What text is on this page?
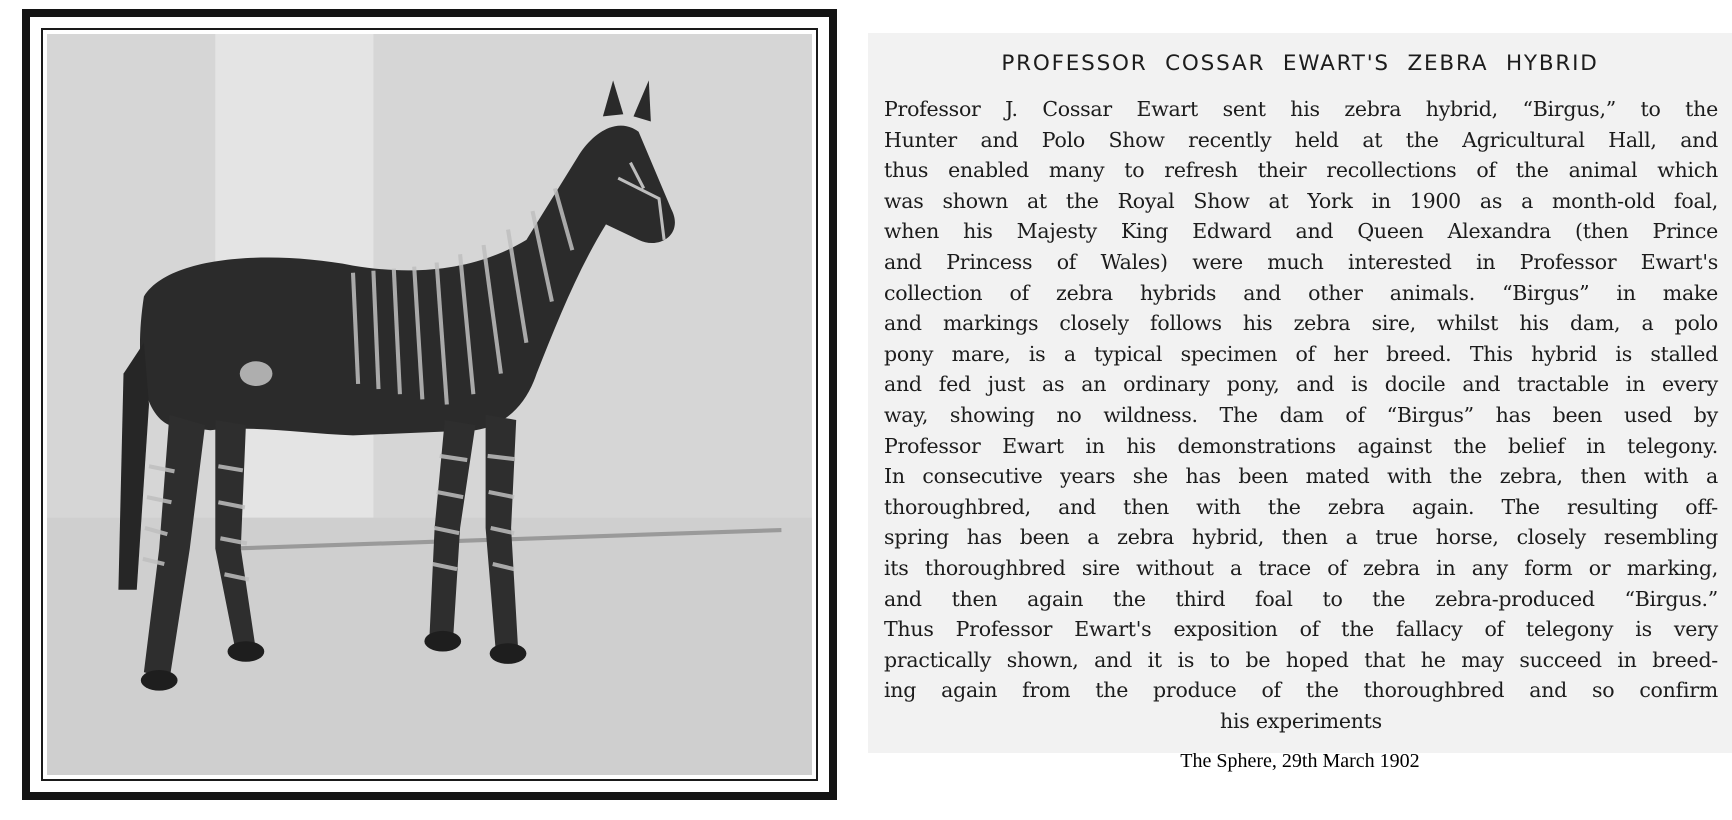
PROFESSOR COSSAR EWART'S ZEBRA HYBRID
Professor J. Cossar Ewart sent his zebra hybrid, “Birgus,” to the
Hunter and Polo Show recently held at the Agricultural Hall, and
thus enabled many to refresh their recollections of the animal which
was shown at the Royal Show at York in 1900 as a month-old foal,
when his Majesty King Edward and Queen Alexandra (then Prince
and Princess of Wales) were much interested in Professor Ewart's
collection of zebra hybrids and other animals. “Birgus” in make
and markings closely follows his zebra sire, whilst his dam, a polo
pony mare, is a typical specimen of her breed. This hybrid is stalled
and fed just as an ordinary pony, and is docile and tractable in every
way, showing no wildness. The dam of “Birgus” has been used by
Professor Ewart in his demonstrations against the belief in telegony.
In consecutive years she has been mated with the zebra, then with a
thoroughbred, and then with the zebra again. The resulting off-
spring has been a zebra hybrid, then a true horse, closely resembling
its thoroughbred sire without a trace of zebra in any form or marking,
and then again the third foal to the zebra-produced “Birgus.”
Thus Professor Ewart's exposition of the fallacy of telegony is very
practically shown, and it is to be hoped that he may succeed in breed-
ing again from the produce of the thoroughbred and so confirm
his experiments

The Sphere, 29th March 1902
